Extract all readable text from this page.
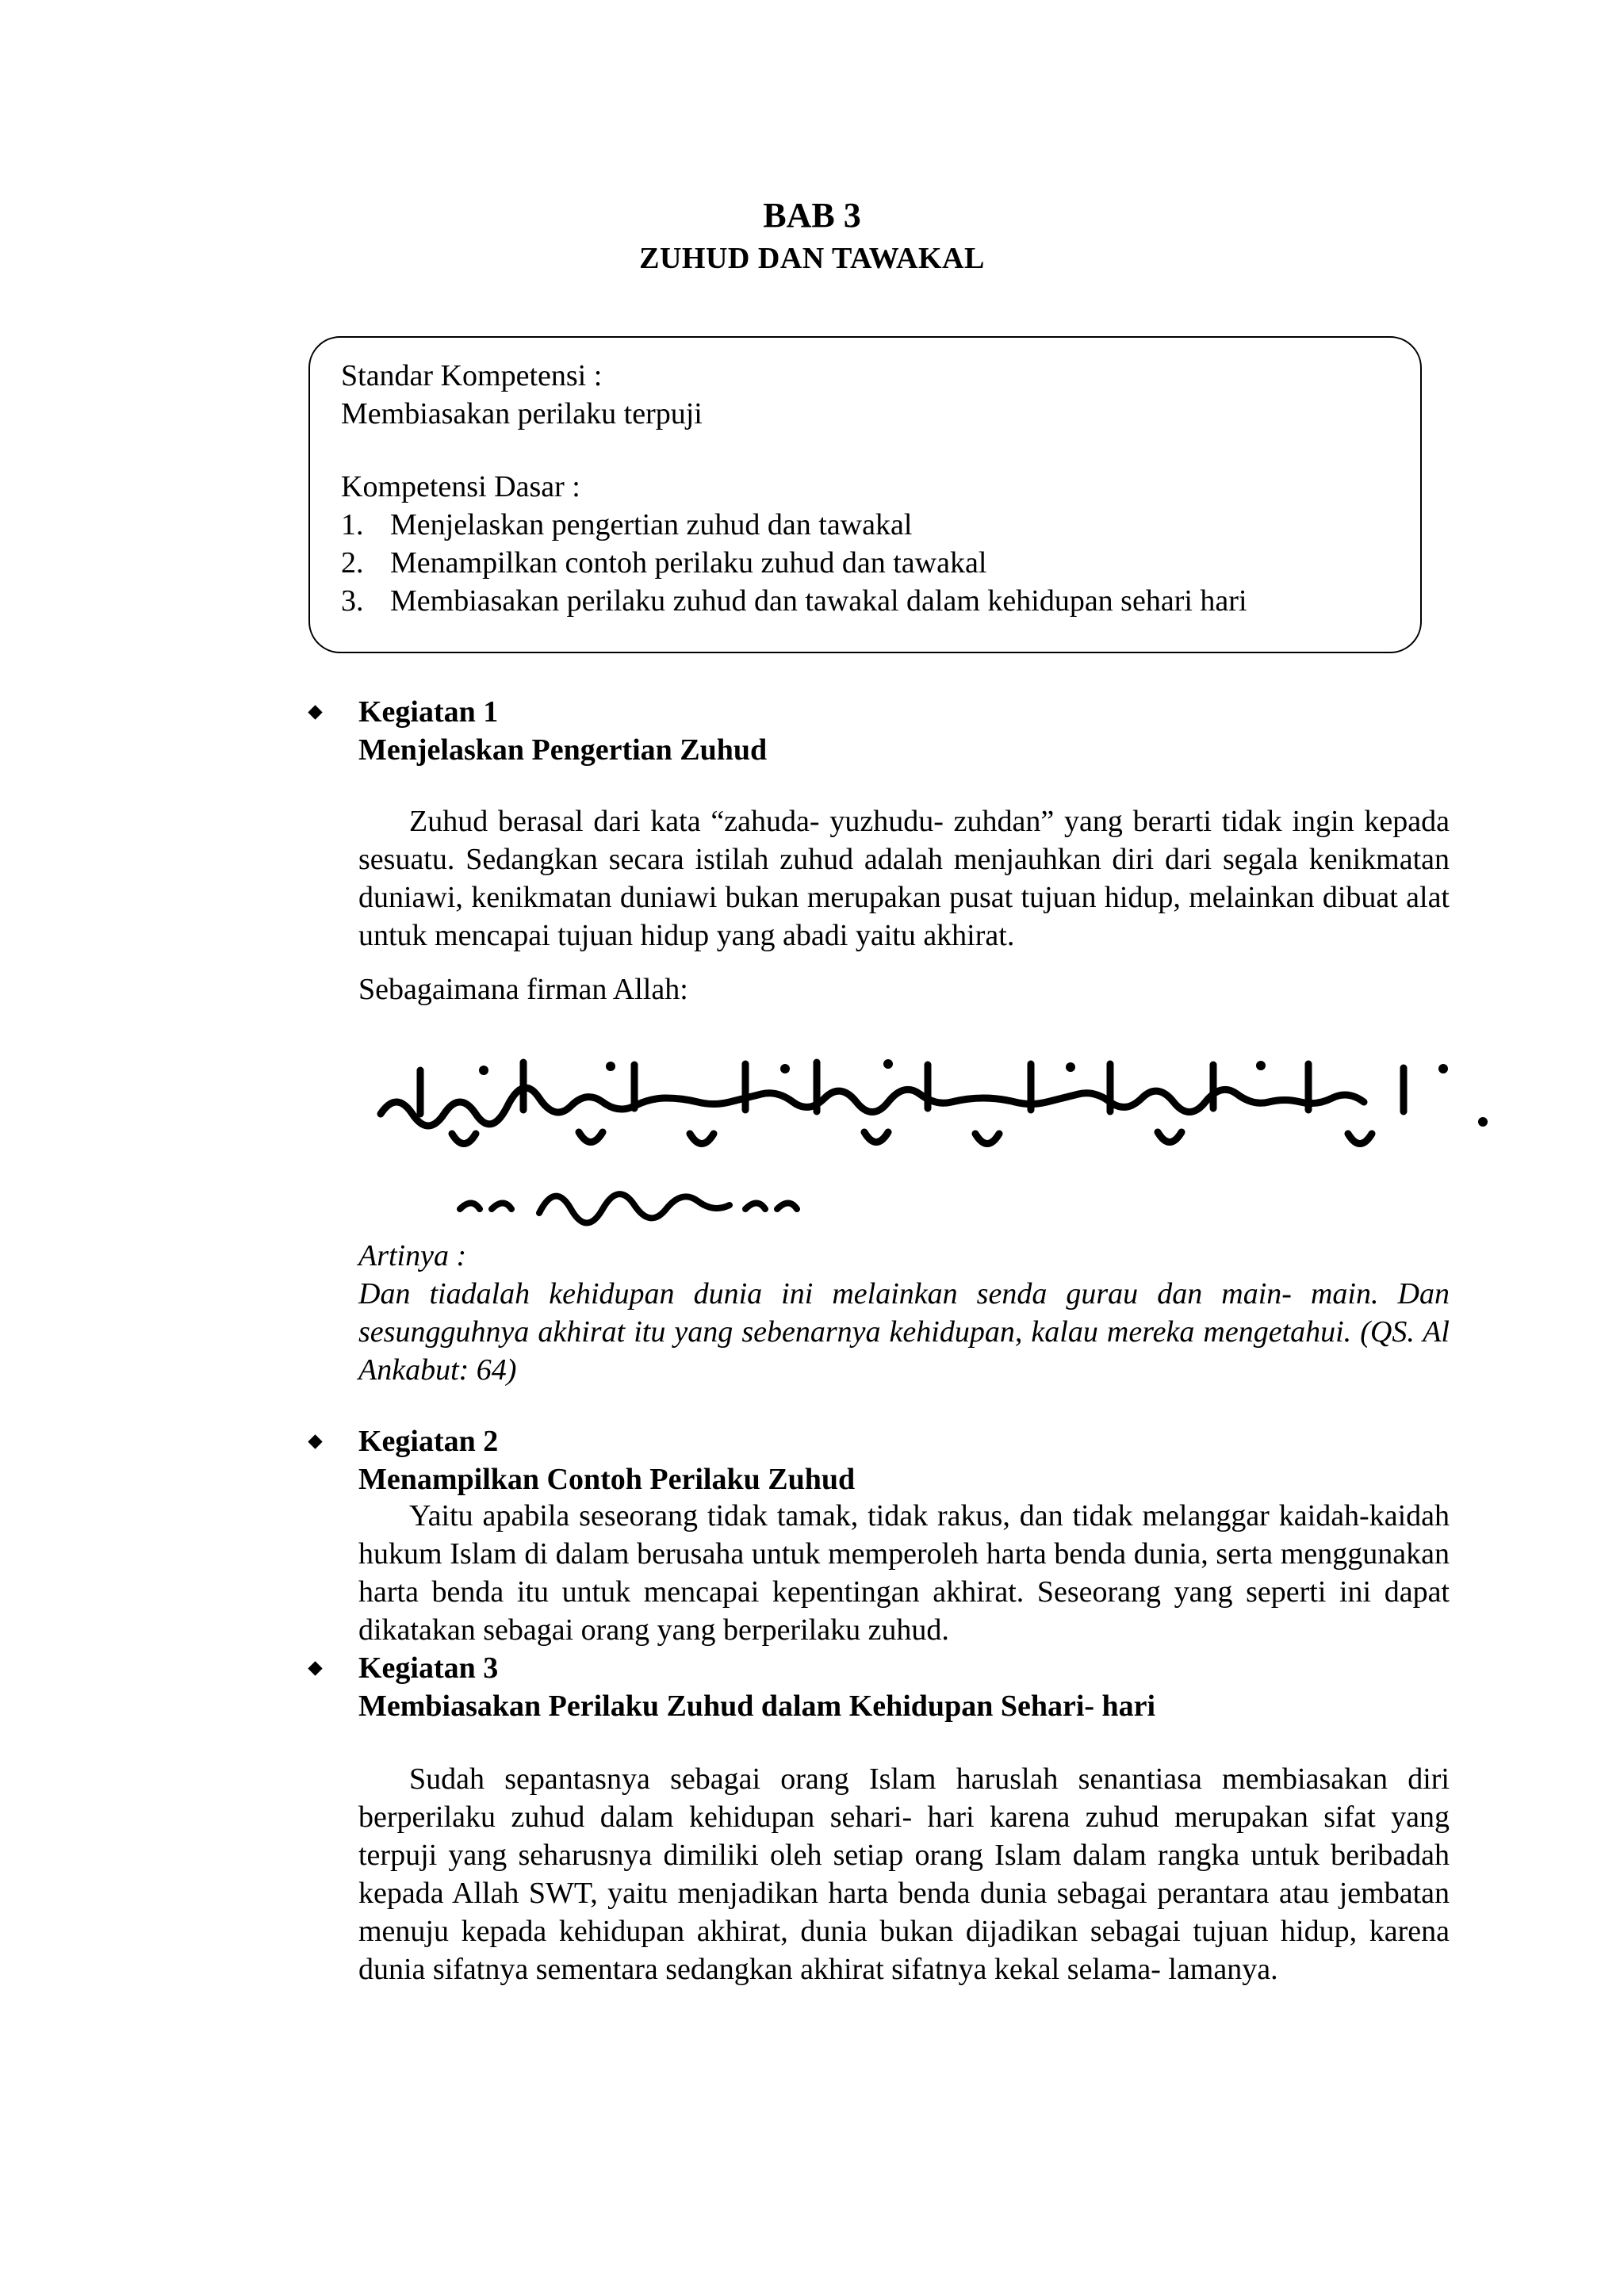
BAB 3
ZUHUD DAN TAWAKAL
Standar Kompetensi :
Membiasakan perilaku terpuji
Kompetensi Dasar :
1. Menjelaskan pengertian zuhud dan tawakal
2. Menampilkan contoh perilaku zuhud dan tawakal
3. Membiasakan perilaku zuhud dan tawakal dalam kehidupan sehari hari
Kegiatan 1
Menjelaskan Pengertian Zuhud

Zuhud berasal dari kata “zahuda- yuzhudu- zuhdan” yang berarti tidak ingin kepada sesuatu. Sedangkan secara istilah zuhud adalah menjauhkan diri dari segala kenikmatan duniawi, kenikmatan duniawi bukan merupakan pusat tujuan hidup, melainkan dibuat alat untuk mencapai tujuan hidup yang abadi yaitu akhirat.

Sebagaimana firman Allah:
Artinya :

Dan tiadalah kehidupan dunia ini melainkan senda gurau dan main- main. Dan sesungguhnya akhirat itu yang sebenarnya kehidupan, kalau mereka mengetahui. (QS. Al Ankabut: 64)

Kegiatan 2
Menampilkan Contoh Perilaku Zuhud

Yaitu apabila seseorang tidak tamak, tidak rakus, dan tidak melanggar kaidah-kaidah hukum Islam di dalam berusaha untuk memperoleh harta benda dunia, serta menggunakan harta benda itu untuk mencapai kepentingan akhirat. Seseorang yang seperti ini dapat dikatakan sebagai orang yang berperilaku zuhud.

Kegiatan 3
Membiasakan Perilaku Zuhud dalam Kehidupan Sehari- hari

Sudah sepantasnya sebagai orang Islam haruslah senantiasa membiasakan diri berperilaku zuhud dalam kehidupan sehari- hari karena zuhud merupakan sifat yang terpuji yang seharusnya dimiliki oleh setiap orang Islam dalam rangka untuk beribadah kepada Allah SWT, yaitu menjadikan harta benda dunia sebagai perantara atau jembatan menuju kepada kehidupan akhirat, dunia bukan dijadikan sebagai tujuan hidup, karena dunia sifatnya sementara sedangkan akhirat sifatnya kekal selama- lamanya.
